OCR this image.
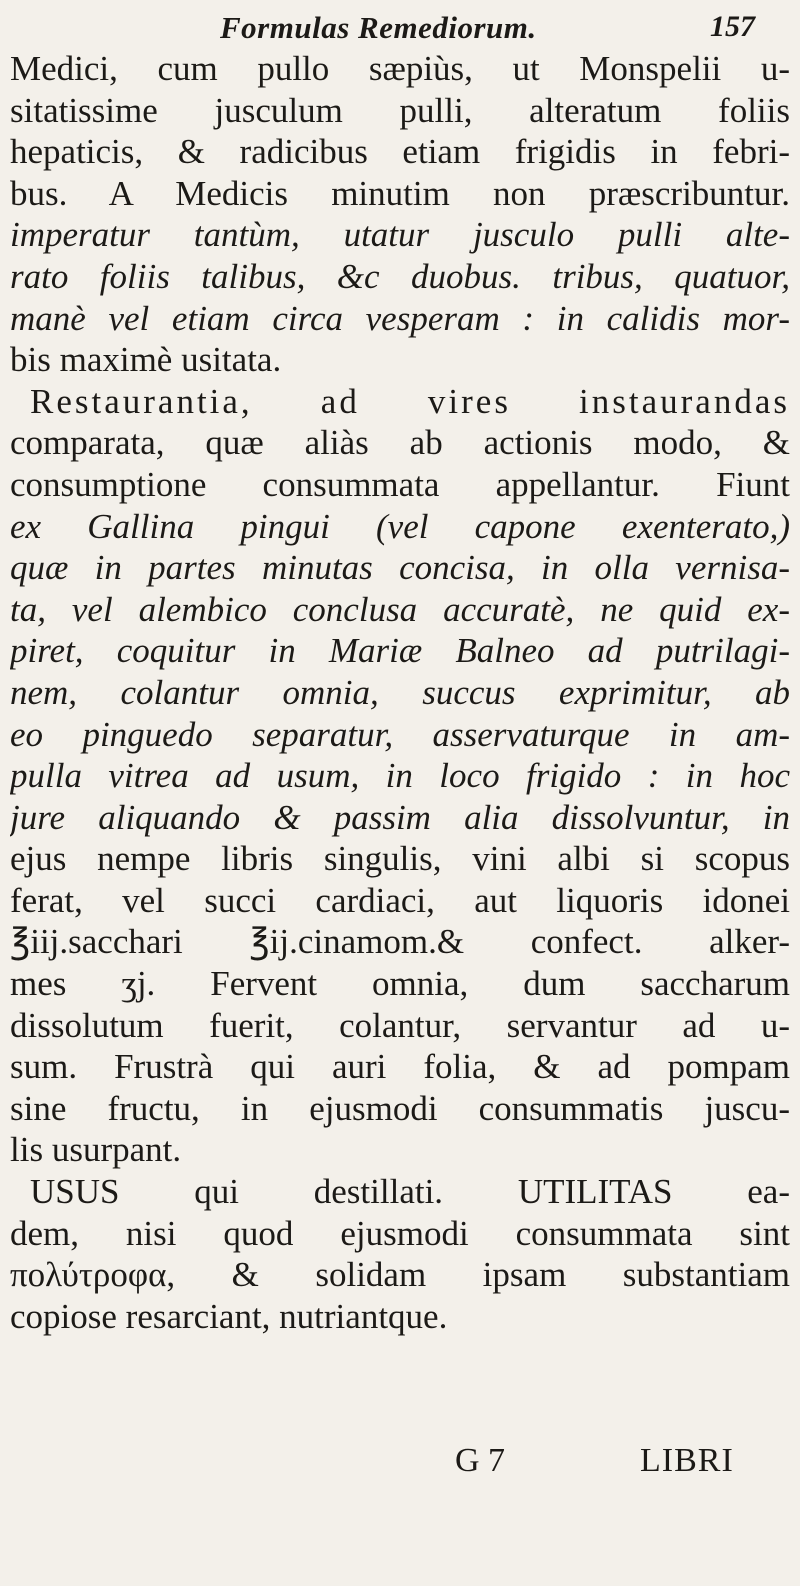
Formulas Remediorum.	157
Medici, cum pullo sæpiùs, ut Monspelii u-
sitatissime jusculum pulli, alteratum foliis
hepaticis, & radicibus etiam frigidis in febri-
bus. A Medicis minutim non præscribuntur.
imperatur tantùm, utatur jusculo pulli alte-
rato foliis talibus, &c duobus. tribus, quatuor,
manè vel etiam circa vesperam : in calidis mor-
bis maximè usitata.
Restaurantia, ad vires instaurandas
comparata, quæ aliàs ab actionis modo, &
consumptione consummata appellantur. Fiunt
ex Gallina pingui (vel capone exenterato,)
quæ in partes minutas concisa, in olla vernisa-
ta, vel alembico conclusa accuratè, ne quid ex-
piret, coquitur in Mariæ Balneo ad putrilagi-
nem, colantur omnia, succus exprimitur, ab
eo pinguedo separatur, asservaturque in am-
pulla vitrea ad usum, in loco frigido : in hoc
jure aliquando & passim alia dissolvuntur, in
ejus nempe libris singulis, vini albi si scopus
ferat, vel succi cardiaci, aut liquoris idonei
℥iij.sacchari ℥ij.cinamom.& confect. alker-
mes ʒj. Fervent omnia, dum saccharum
dissolutum fuerit, colantur, servantur ad u-
sum. Frustrà qui auri folia, & ad pompam
sine fructu, in ejusmodi consummatis juscu-
lis usurpant.
USUS qui destillati. UTILITAS ea-
dem, nisi quod ejusmodi consummata sint
πολύτροφα, & solidam ipsam substantiam
copiose resarciant, nutriantque.
G 7	LIBRI
